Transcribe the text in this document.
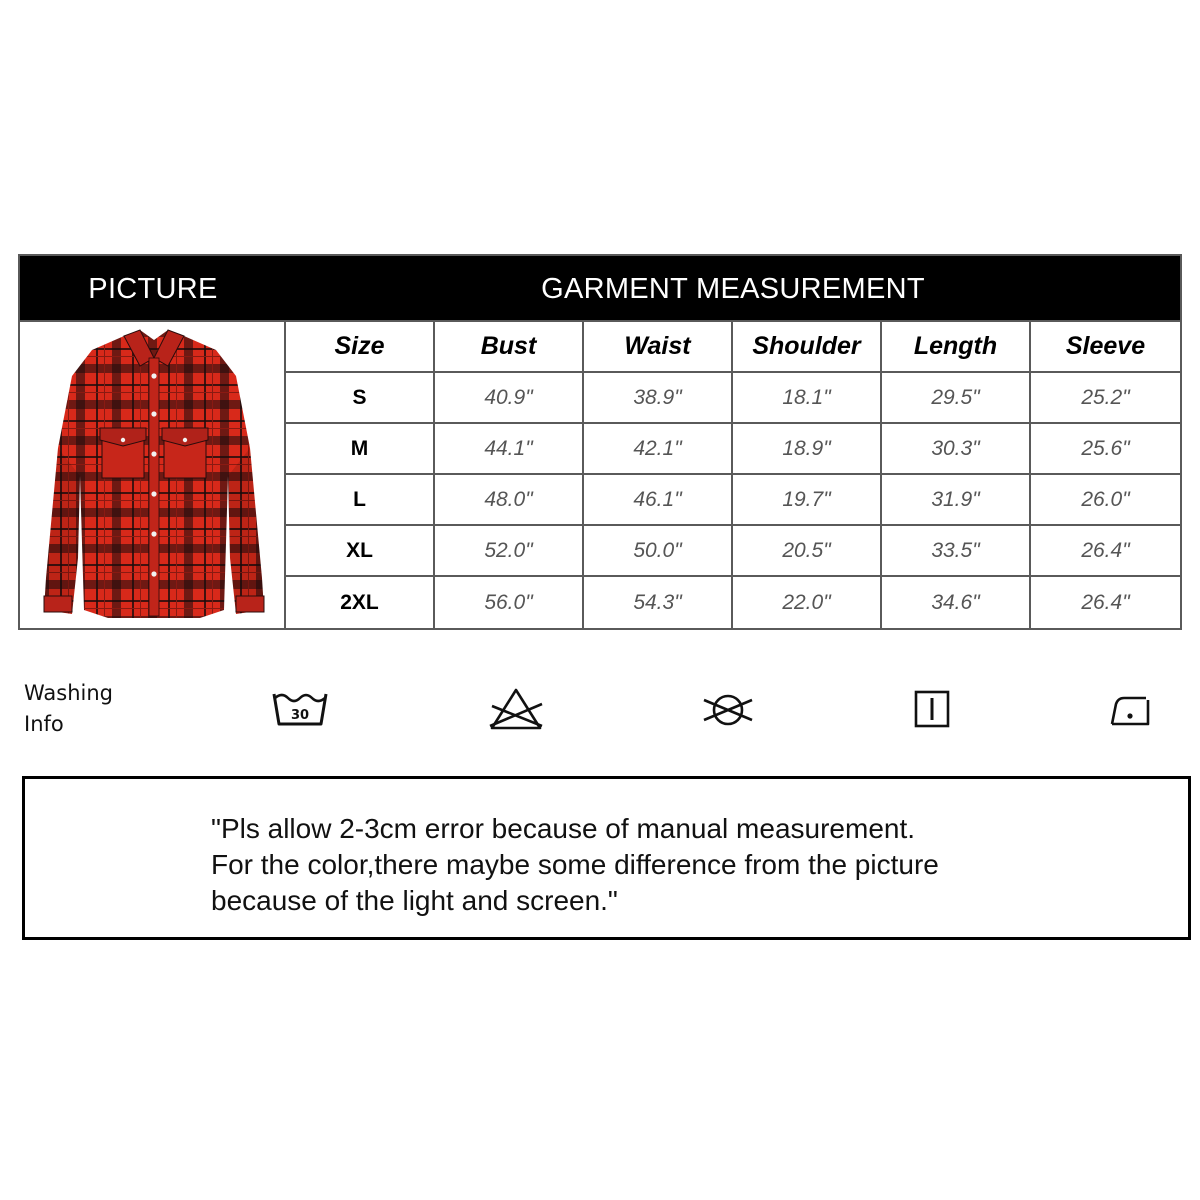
PICTURE	GARMENT MEASUREMENT
Size	Bust	Waist	Shoulder	Length	Sleeve
S	40.9"	38.9"	18.1"	29.5"	25.2"
M	44.1"	42.1"	18.9"	30.3"	25.6"
L	48.0"	46.1"	19.7"	31.9"	26.0"
XL	52.0"	50.0"	20.5"	33.5"	26.4"
2XL	56.0"	54.3"	22.0"	34.6"	26.4"
Washing
Info	30
"Pls allow 2-3cm error because of manual measurement.
For the color,there maybe some difference from the picture
because of the light and screen."
